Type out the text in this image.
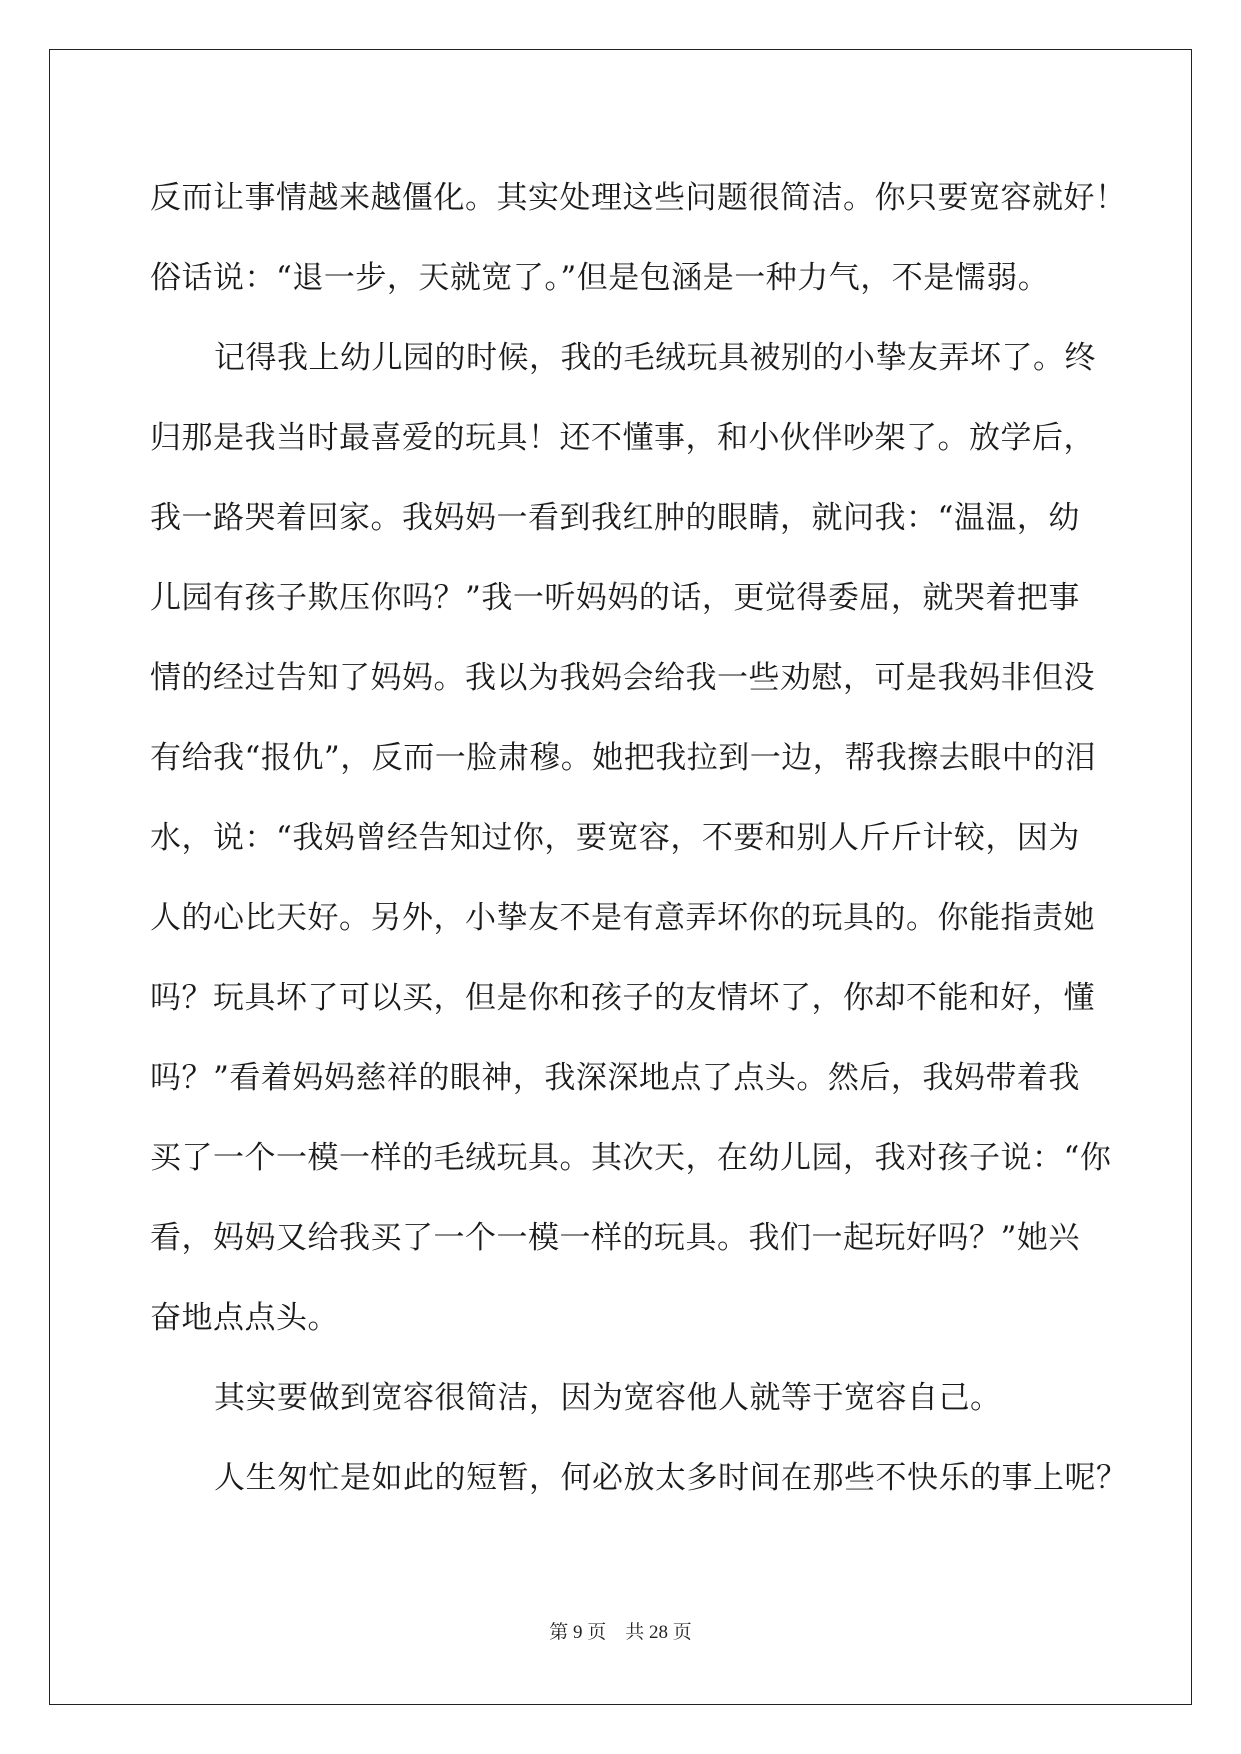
反而让事情越来越僵化。其实处理这些问题很简洁。你只要宽容就好！
俗话说：“退一步，天就宽了。”但是包涵是一种力气，不是懦弱。
记得我上幼儿园的时候，我的毛绒玩具被别的小挚友弄坏了。终
归那是我当时最喜爱的玩具！还不懂事，和小伙伴吵架了。放学后，
我一路哭着回家。我妈妈一看到我红肿的眼睛，就问我：“温温，幼
儿园有孩子欺压你吗？”我一听妈妈的话，更觉得委屈，就哭着把事
情的经过告知了妈妈。我以为我妈会给我一些劝慰，可是我妈非但没
有给我“报仇”，反而一脸肃穆。她把我拉到一边，帮我擦去眼中的泪
水，说：“我妈曾经告知过你，要宽容，不要和别人斤斤计较，因为
人的心比天好。另外，小挚友不是有意弄坏你的玩具的。你能指责她
吗？玩具坏了可以买，但是你和孩子的友情坏了，你却不能和好，懂
吗？”看着妈妈慈祥的眼神，我深深地点了点头。然后，我妈带着我
买了一个一模一样的毛绒玩具。其次天，在幼儿园，我对孩子说：“你
看，妈妈又给我买了一个一模一样的玩具。我们一起玩好吗？”她兴
奋地点点头。
其实要做到宽容很简洁，因为宽容他人就等于宽容自己。
人生匆忙是如此的短暂，何必放太多时间在那些不快乐的事上呢？
第 9 页　共 28 页
